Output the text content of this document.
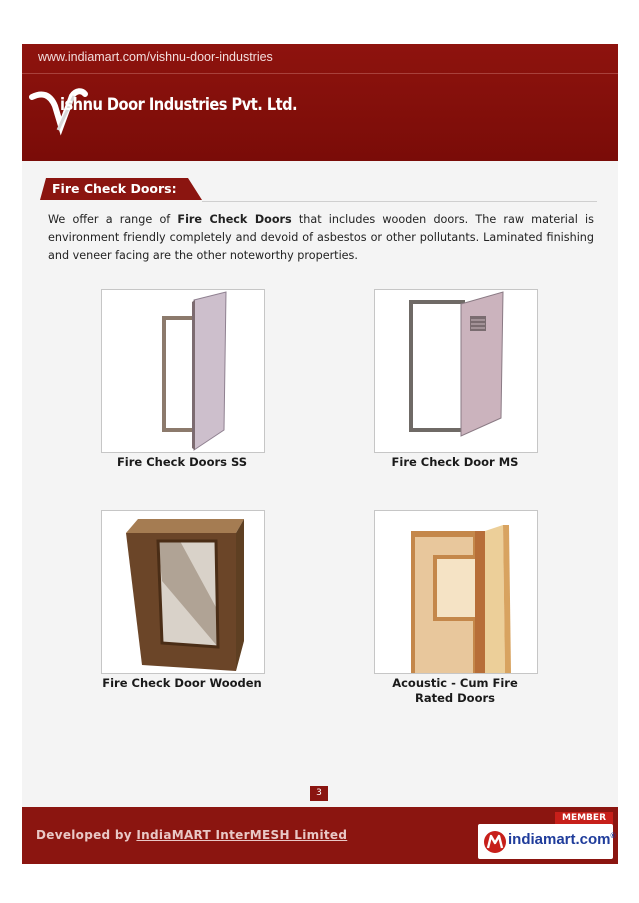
www.indiamart.com/vishnu-door-industries
ishnu Door Industries Pvt. Ltd.
Fire Check Doors:
We offer a range of Fire Check Doors that includes wooden doors. The raw material is environment friendly completely and devoid of asbestos or other pollutants. Laminated finishing and veneer facing are the other noteworthy properties.
Fire Check Doors SS	Fire Check Door MS
Fire Check Door Wooden	Acoustic - Cum Fire Rated Doors
3
Developed by IndiaMART InterMESH Limited
MEMBER
indiamart.com®
